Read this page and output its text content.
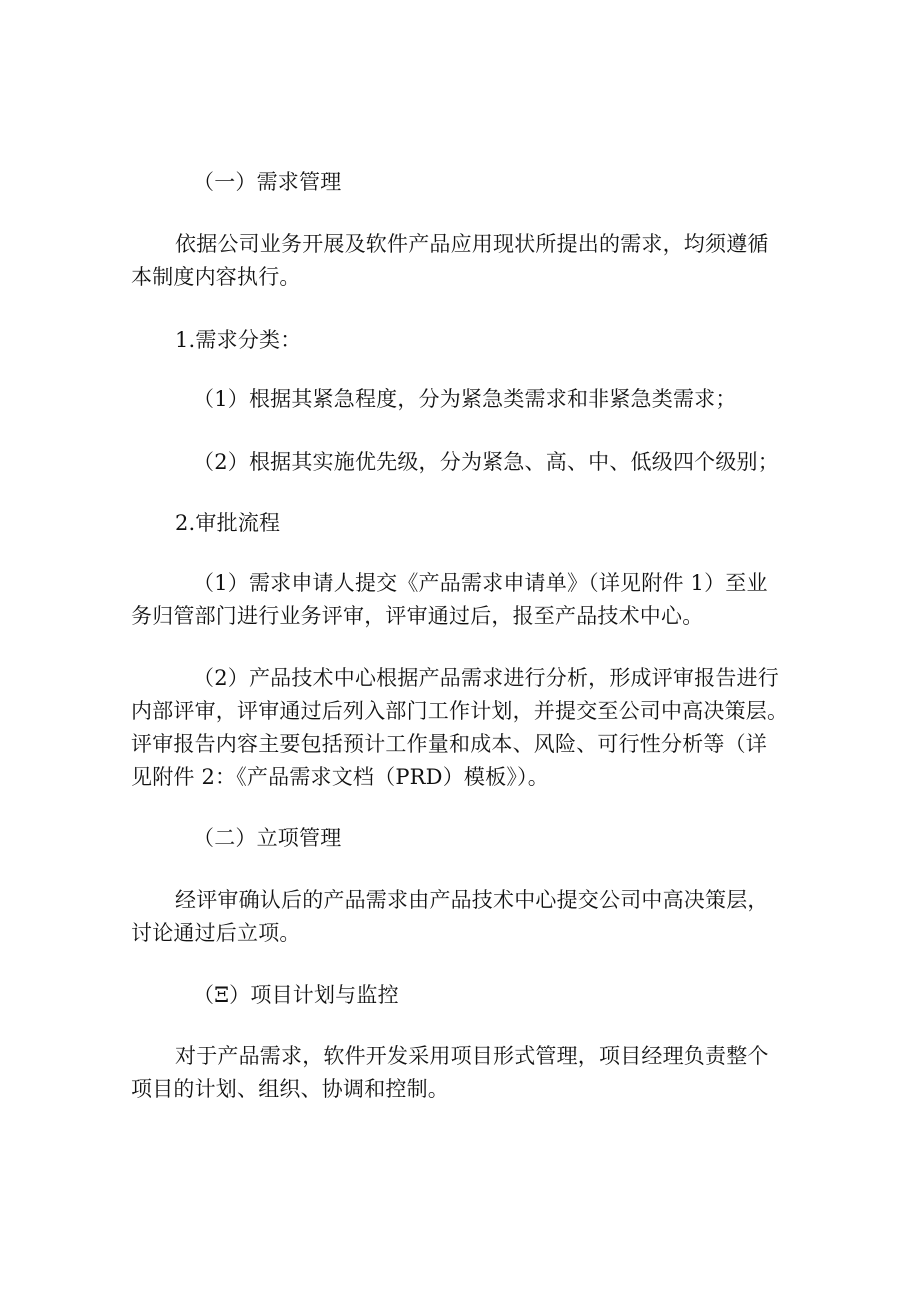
（一）需求管理
依据公司业务开展及软件产品应用现状所提出的需求，均须遵循
本制度内容执行。
1.需求分类：
（1）根据其紧急程度，分为紧急类需求和非紧急类需求；
（2）根据其实施优先级，分为紧急、高、中、低级四个级别；
2.审批流程
（1）需求申请人提交《产品需求申请单》（详见附件 1）至业
务归管部门进行业务评审，评审通过后，报至产品技术中心。
（2）产品技术中心根据产品需求进行分析，形成评审报告进行
内部评审，评审通过后列入部门工作计划，并提交至公司中高决策层。
评审报告内容主要包括预计工作量和成本、风险、可行性分析等（详
见附件 2：《产品需求文档（PRD）模板》）。
（二）立项管理
经评审确认后的产品需求由产品技术中心提交公司中高决策层，
讨论通过后立项。
（Ξ）项目计划与监控
对于产品需求，软件开发采用项目形式管理，项目经理负责整个
项目的计划、组织、协调和控制。
